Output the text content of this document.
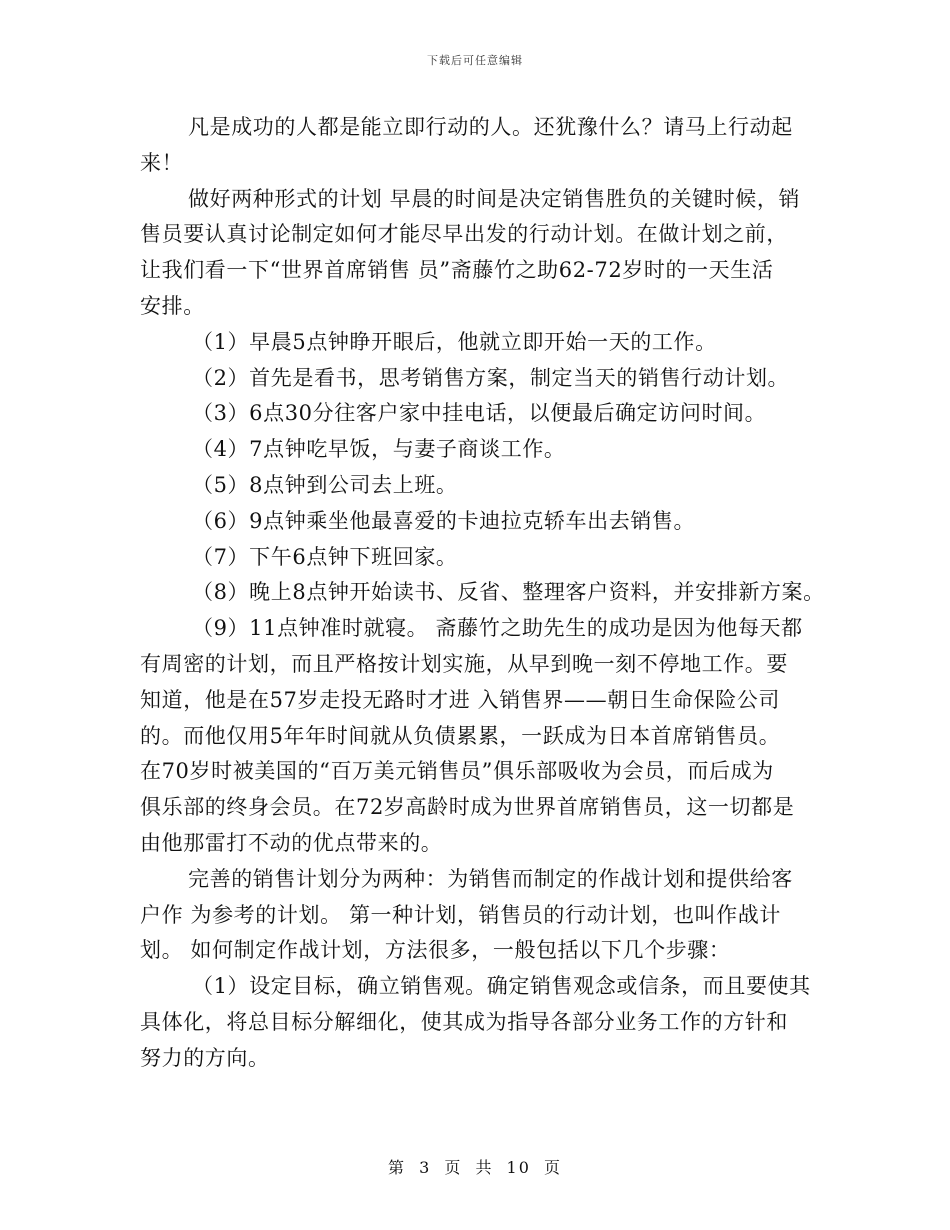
下载后可任意编辑
凡是成功的人都是能立即行动的人。还犹豫什么？请马上行动起
来！
做好两种形式的计划 早晨的时间是决定销售胜负的关键时候，销
售员要认真讨论制定如何才能尽早出发的行动计划。在做计划之前，
让我们看一下“世界首席销售 员”斋藤竹之助62-72岁时的一天生活
安排。
（1）早晨5点钟睁开眼后，他就立即开始一天的工作。
（2）首先是看书，思考销售方案，制定当天的销售行动计划。
（3）6点30分往客户家中挂电话，以便最后确定访问时间。
（4）7点钟吃早饭，与妻子商谈工作。
（5）8点钟到公司去上班。
（6）9点钟乘坐他最喜爱的卡迪拉克轿车出去销售。
（7）下午6点钟下班回家。
（8）晚上8点钟开始读书、反省、整理客户资料，并安排新方案。
（9）11点钟准时就寝。 斋藤竹之助先生的成功是因为他每天都
有周密的计划，而且严格按计划实施，从早到晚一刻不停地工作。要
知道，他是在57岁走投无路时才进 入销售界——朝日生命保险公司
的。而他仅用5年年时间就从负债累累，一跃成为日本首席销售员。
在70岁时被美国的“百万美元销售员”俱乐部吸收为会员，而后成为
俱乐部的终身会员。在72岁高龄时成为世界首席销售员，这一切都是
由他那雷打不动的优点带来的。
完善的销售计划分为两种：为销售而制定的作战计划和提供给客
户作 为参考的计划。 第一种计划，销售员的行动计划，也叫作战计
划。 如何制定作战计划，方法很多，一般包括以下几个步骤：
（1）设定目标，确立销售观。确定销售观念或信条，而且要使其
具体化，将总目标分解细化，使其成为指导各部分业务工作的方针和
努力的方向。
第 3 页 共 10 页
